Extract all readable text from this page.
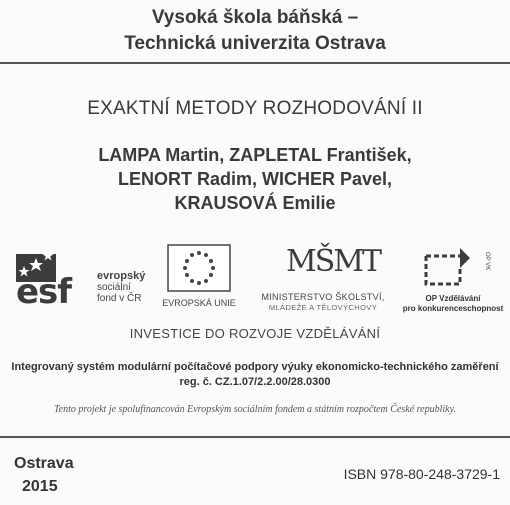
Vysoká škola báňská –
Technická univerzita Ostrava
EXAKTNÍ METODY ROZHODOVÁNÍ II
LAMPA Martin, ZAPLETAL František,
LENORT Radim, WICHER Pavel,
KRAUSOVÁ Emilie
esf evropský
sociální
fond v ČR	EVROPSKÁ UNIE
MŠMT
MINISTERSTVO ŠKOLSTVÍ,
MLÁDEŽE A TĚLOVÝCHOVY
OP VK
OP Vzdělávání
pro konkurenceschopnost
INVESTICE DO ROZVOJE VZDĚLÁVÁNÍ
Integrovaný systém modulární počítačové podpory výuky ekonomicko-technického zaměření
reg. č. CZ.1.07/2.2.00/28.0300
Tento projekt je spolufinancován Evropským sociálním fondem a státním rozpočtem České republiky.
Ostrava
2015
ISBN 978-80-248-3729-1
